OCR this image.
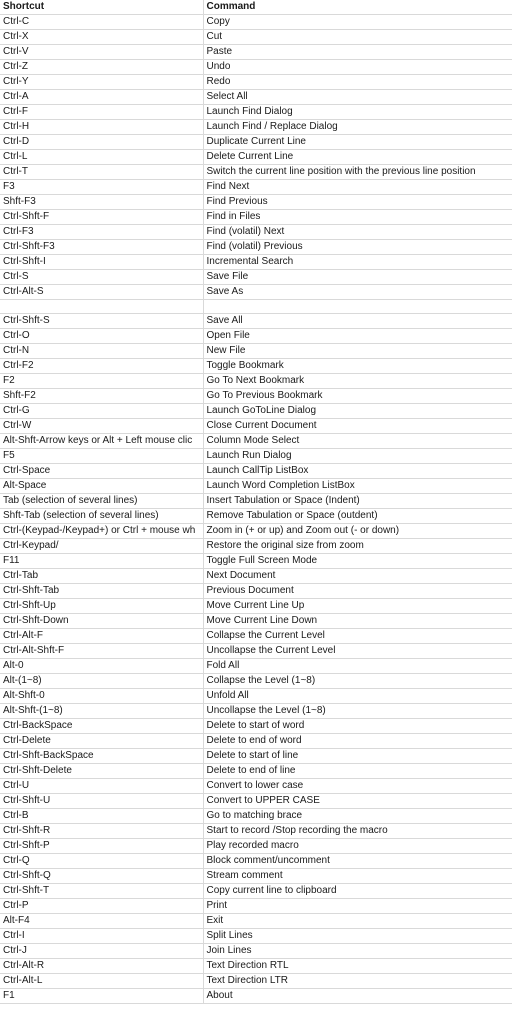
Shortcut	Command
Ctrl-C	Copy
Ctrl-X	Cut
Ctrl-V	Paste
Ctrl-Z	Undo
Ctrl-Y	Redo
Ctrl-A	Select All
Ctrl-F	Launch Find Dialog
Ctrl-H	Launch Find / Replace Dialog
Ctrl-D	Duplicate Current Line
Ctrl-L	Delete Current Line
Ctrl-T	Switch the current line position with the previous line position
F3	Find Next
Shft-F3	Find Previous
Ctrl-Shft-F	Find in Files
Ctrl-F3	Find (volatil) Next
Ctrl-Shft-F3	Find (volatil) Previous
Ctrl-Shft-I	Incremental Search
Ctrl-S	Save File
Ctrl-Alt-S	Save As

Ctrl-Shft-S	Save All
Ctrl-O	Open File
Ctrl-N	New File
Ctrl-F2	Toggle Bookmark
F2	Go To Next Bookmark
Shft-F2	Go To Previous Bookmark
Ctrl-G	Launch GoToLine Dialog
Ctrl-W	Close Current Document
Alt-Shft-Arrow keys or Alt + Left mouse clic	Column Mode Select
F5	Launch Run Dialog
Ctrl-Space	Launch CallTip ListBox
Alt-Space	Launch Word Completion ListBox
Tab (selection of several lines)	Insert Tabulation or Space (Indent)
Shft-Tab (selection of several lines)	Remove Tabulation or Space (outdent)
Ctrl-(Keypad-/Keypad+) or Ctrl + mouse wh	Zoom in (+ or up) and Zoom out (- or down)
Ctrl-Keypad/	Restore the original size from zoom
F11	Toggle Full Screen Mode
Ctrl-Tab	Next Document
Ctrl-Shft-Tab	Previous Document
Ctrl-Shft-Up	Move Current Line Up
Ctrl-Shft-Down	Move Current Line Down
Ctrl-Alt-F	Collapse the Current Level
Ctrl-Alt-Shft-F	Uncollapse the Current Level
Alt-0	Fold All
Alt-(1~8)	Collapse the Level (1~8)
Alt-Shft-0	Unfold All
Alt-Shft-(1~8)	Uncollapse the Level (1~8)
Ctrl-BackSpace	Delete to start of word
Ctrl-Delete	Delete to end of word
Ctrl-Shft-BackSpace	Delete to start of line
Ctrl-Shft-Delete	Delete to end of line
Ctrl-U	Convert to lower case
Ctrl-Shft-U	Convert to UPPER CASE
Ctrl-B	Go to matching brace
Ctrl-Shft-R	Start to record /Stop recording the macro
Ctrl-Shft-P	Play recorded macro
Ctrl-Q	Block comment/uncomment
Ctrl-Shft-Q	Stream comment
Ctrl-Shft-T	Copy current line to clipboard
Ctrl-P	Print
Alt-F4	Exit
Ctrl-I	Split Lines
Ctrl-J	Join Lines
Ctrl-Alt-R	Text Direction RTL
Ctrl-Alt-L	Text Direction LTR
F1	About
